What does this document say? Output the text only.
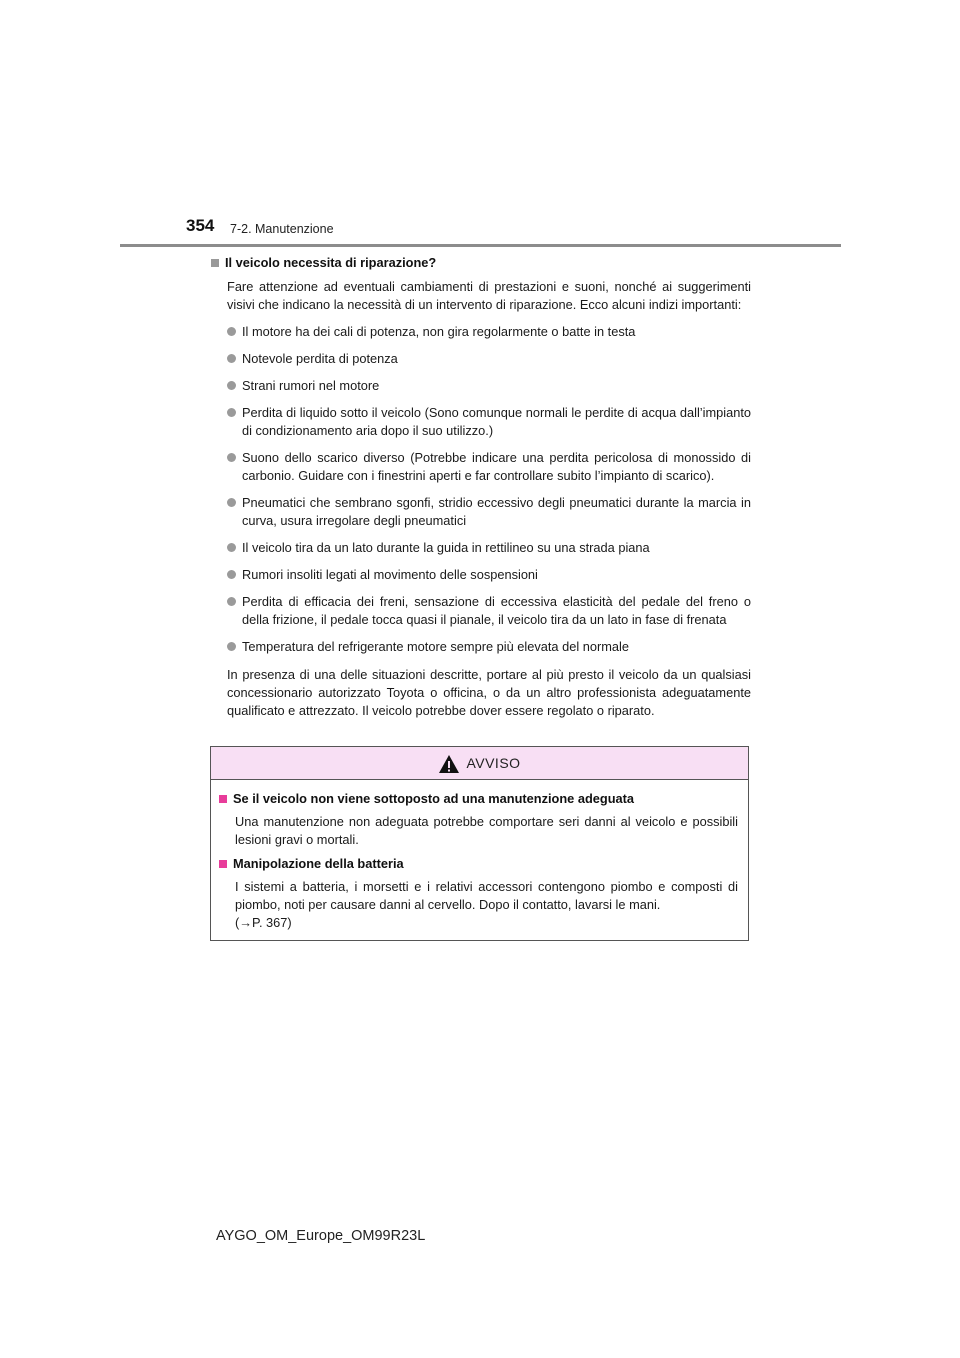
354 7-2. Manutenzione
Il veicolo necessita di riparazione?
Fare attenzione ad eventuali cambiamenti di prestazioni e suoni, nonché ai suggerimenti visivi che indicano la necessità di un intervento di riparazione. Ecco alcuni indizi importanti:
Il motore ha dei cali di potenza, non gira regolarmente o batte in testa
Notevole perdita di potenza
Strani rumori nel motore
Perdita di liquido sotto il veicolo (Sono comunque normali le perdite di acqua dall’impianto di condizionamento aria dopo il suo utilizzo.)
Suono dello scarico diverso (Potrebbe indicare una perdita pericolosa di monossido di carbonio. Guidare con i finestrini aperti e far controllare subito l’impianto di scarico).
Pneumatici che sembrano sgonfi, stridio eccessivo degli pneumatici durante la marcia in curva, usura irregolare degli pneumatici
Il veicolo tira da un lato durante la guida in rettilineo su una strada piana
Rumori insoliti legati al movimento delle sospensioni
Perdita di efficacia dei freni, sensazione di eccessiva elasticità del pedale del freno o della frizione, il pedale tocca quasi il pianale, il veicolo tira da un lato in fase di frenata
Temperatura del refrigerante motore sempre più elevata del normale
In presenza di una delle situazioni descritte, portare al più presto il veicolo da un qualsiasi concessionario autorizzato Toyota o officina, o da un altro professionista adeguatamente qualificato e attrezzato. Il veicolo potrebbe dover essere regolato o riparato.
AVVISO
Se il veicolo non viene sottoposto ad una manutenzione adeguata
Una manutenzione non adeguata potrebbe comportare seri danni al veicolo e possibili lesioni gravi o mortali.
Manipolazione della batteria
I sistemi a batteria, i morsetti e i relativi accessori contengono piombo e composti di piombo, noti per causare danni al cervello. Dopo il contatto, lavarsi le mani.
(→P. 367)
AYGO_OM_Europe_OM99R23L
